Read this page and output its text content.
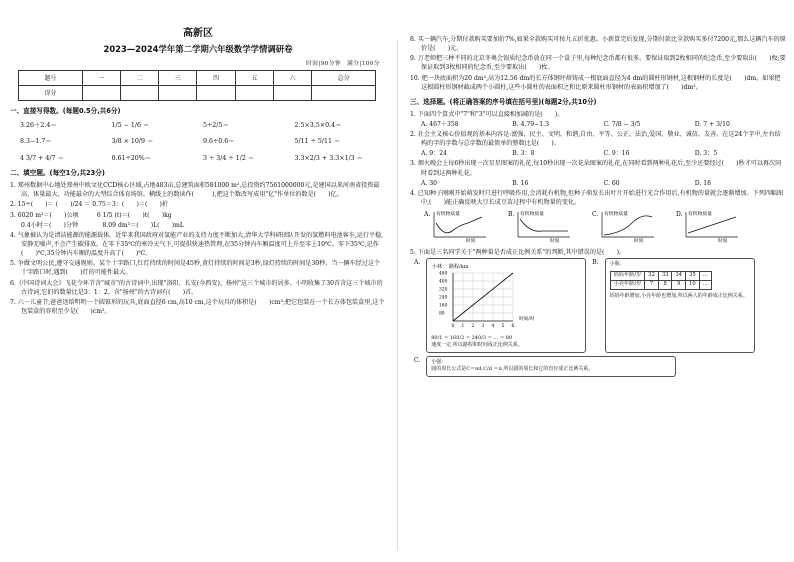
高新区
2023—2024学年第二学期六年级数学学情调研卷
时间|90分钟　满分|100分
题号	一	二	三	四	五	六	总分
得分							
一、直接写得数。(每题0.5分,共6分)
3.26＋2.4＝	1/5 − 1/6 ＝	5÷2/5＝	2.5×3.5×0.4＝
8.3−1.7＝	3/8 × 10/9 ＝	9.6÷0.6＝	5/11 ÷ 5/11 ＝
4 3/7 + 4/7 ＝	0.61÷20%＝	3 ÷ 3/4 ÷ 1/2 ＝	3.3×2/3 + 3.3×1/3 ＝
二、填空题。(每空1分,共23分)
1. 郑州数据中心地处郑州中欧文化CCD核心区域,占地483亩,总建筑面积581000 m²,总投资约7561000000元,是建国以来河南省投资最高、体量最大、功能最全的大型综合体育场馆。横线上的数读作(　　　),把这个数改写成用"亿"作单位的数是(　　)亿。
2. 15÷(　　)＝ (　　)/24 ＝ 0.75＝3：(　　)＝(　　)折
3. 6020 m²＝(　　)公顷　　　6 1/5 (t)＝(　　)t(　　)kg
0.4小时＝(　　)分钟　　　　8.09 dm³＝(　　)L(　　)mL
4. 气象被认为是清洁能源的能源载体。近年来我国政府对氢能产业的支持力度不断加大,清华大学科研团队开发的氢燃料电池客车,运行平稳,安静无噪声,不会产生碳排放。在零下35℃的寒冷天气下,可提供快速热管理,在35分钟内车厢温度可上升至零上10℃。零下35℃,记作(　　)℃,35分钟内车厢的温度升高了(　　)℃。
5. 争做文明公民,遵守交通规则。某个十字路口,红灯持续的时间是45秒,黄灯持续的时间是3秒,绿灯持续的时间是30秒。当一辆车经过这个十字路口时,遇到(　　)灯的可能性最大。
6.《中国诗词大会》飞花令环节含"城市"的古诗词中,出现"洛阳、长安(今西安)、扬州"这三个城市的居多。小明收集了30首含这三个城市的古诗词,它们的数量比是3：1：2。含"扬州"的古诗词有(　　)首。
7. 六一儿童节,爸爸送给明明一个圆锥形的玩具,底面直径6 cm,高10 cm,这个玩具的体积是(　　)cm³;把它包装在一个长方体包装盒里,这个包装盒的容积至少是(　　)cm³。
8. 买一辆汽车,分期付款购买要加价7%,如果全款购买可按九五折优惠。小新算完后发现,分期付款比全款购买多付7200元,那么这辆汽车的原价是(　　)元。
9. 万老师把三种不同的北京冬奥会银质纪念币放在同一个盒子里,每种纪念币都有很多。要保证取到2枚相同的纪念币,至少要取出(　　)枚;要保证取到3枚相同的纪念币,至少要取出(　　)枚。
10. 把一块底面积为20 dm²,高为12.56 dm的长方体钢坯熔铸成一根底面直径为4 dm的圆柱形钢材,这根钢材的长度是(　　)dm。如果把这根圆柱形钢材截成两个小圆柱,这些小圆柱的表面积之和比原来圆柱形钢材的表面积增加了(　　)dm²。
三、选择题。(将正确答案的序号填在括号里)(每题2分,共10分)
1. 下面四个算式中"7"和"3"可以直接相加减的是(　　)。
A. 467＋358	B. 4.79−1.3	C. 7/8 − 3/5	D. 7 + 3/10
2. 社会主义核心价值观的基本内容是:富强、民主、文明、和谐,自由、平等、公正、法治,爱国、敬业、诚信、友善。在这24个字中,左右结构的字的字数与总字数的最简单的整数比是(　　)。
A. 9：24	B. 3：8	C. 9：16	D. 3：5
3. 烟火晚会上每6秒出现一次星星图案的礼花,每10秒出现一次花朵图案的礼花,在同时看到两种礼花后,至少还要经过(　　)秒才可以再次同时看到这两种礼花。
A. 30	B. 16	C. 60	D. 18
4. 已知种子刚刚开始萌发时只进行呼吸作用,会消耗有机物,但种子萌发长出叶片开始进行光合作用后,有机物的量就会逐渐增加。下列四幅图中,(　　)能正确反映大豆长成豆苗过程中有机物量的变化。
A. 有机物质量
时间
B. 有机物质量
时间
C. 有机物质量
时间
D. 有机物质量
时间
5. 下面是三名同学关于"两种量是否成正比例关系"的判断,其中错误的是(　　)。
A.
小林： 路程/km
0 1 2 3 4 5 6
480
400
320
240
160
80
时间/时
80/1 = 160/2 = 240/3 = … = 80
速度一定,所以路程和时间成正比例关系。
B. 小瓶：
妈妈年龄/岁	32	33	34	35	…
小亮年龄/岁	7	8	9	10	…
妈妈年龄增加,小亮年龄也增加,所以两人的年龄成正比例关系。
C. 小强：
圆的周长公式是C＝πd,C/d ＝π,所以圆的周长和它的直径成正比例关系。
